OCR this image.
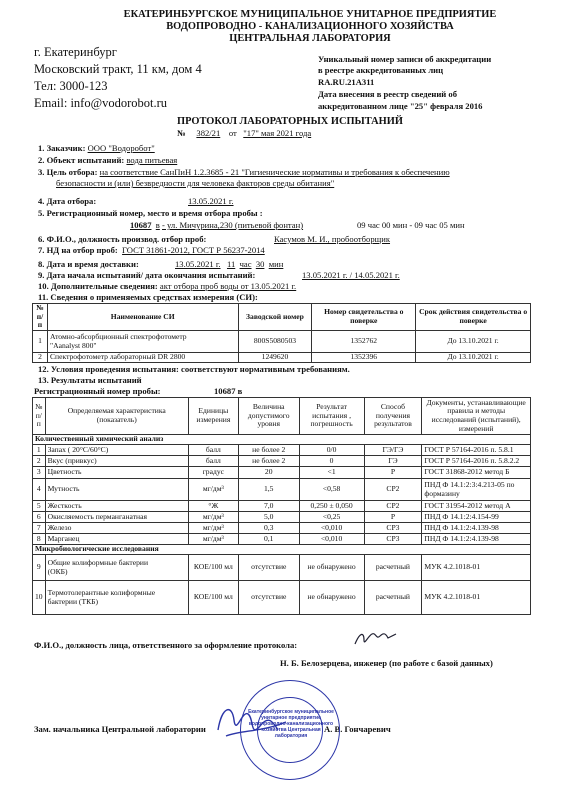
ЕКАТЕРИНБУРГСКОЕ МУНИЦИПАЛЬНОЕ УНИТАРНОЕ ПРЕДПРИЯТИЕ
ВОДОПРОВОДНО - КАНАЛИЗАЦИОННОГО ХОЗЯЙСТВА
ЦЕНТРАЛЬНАЯ ЛАБОРАТОРИЯ
г. Екатеринбург
Московский тракт, 11 км, дом 4
Тел: 3000-123
Email: info@vodorobot.ru
Уникальный номер записи об аккредитации
в реестре аккредитованных лиц
RA.RU.21A311
Дата внесения в реестр сведений об
аккредитованном лице "25" февраля 2016
ПРОТОКОЛ ЛАБОРАТОРНЫХ ИСПЫТАНИЙ
№ 382/21 от "17" мая 2021 года
1. Заказчик: ООО "Водоробот"
2. Объект испытаний: вода питьевая
3. Цель отбора: на соответствие СанПиН 1.2.3685 - 21 "Гигиенические нормативы и требования к обеспечению
безопасности и (или) безвредности для человека факторов среды обитания"
4. Дата отбора:	13.05.2021 г.
5. Регистрационный номер, место и время отбора пробы :
10687 в - ул. Мичурина,230 (питьевой фонтан)	09 час 00 мин - 09 час 05 мин
6. Ф.И.О., должность производ. отбор проб:	Касумов М. И., пробоотборщик
7. НД на отбор проб: ГОСТ 31861-2012, ГОСТ Р 56237-2014
8. Дата и время доставки:	13.05.2021 г. 11 час 30 мин
9. Дата начала испытаний/ дата окончания испытаний:	13.05.2021 г. / 14.05.2021 г.
10. Дополнительные сведения: акт отбора проб воды от 13.05.2021 г.
11. Сведения о применяемых средствах измерения (СИ):
№ п/п	Наименование СИ	Заводской номер	Номер свидетельства о поверке	Срок действия свидетельства о поверке
1	Атомно-абсорбционный спектрофотометр
"Aanalyst 800"	800S5080503	1352762	До 13.10.2021 г.
2	Спектрофотометр лабораторный DR 2800	1249620	1352396	До 13.10.2021 г.
12. Условия проведения испытания: соответствуют нормативным требованиям.
13. Результаты испытаний
Регистрационный номер пробы:	10687 в
№ п/п	Определяемая характеристика (показатель)	Единицы измерения	Величина допустимого уровня	Результат испытания , погрешность	Способ получения результатов	Документы, устанавливающие правила и методы исследований (испытаний), измерений
Количественный химический анализ						
1	Запах ( 20°С/60°С)	балл	не более 2	0/0	ГЭ/ГЭ	ГОСТ Р 57164-2016 п. 5.8.1
2	Вкус (привкус)	балл	не более 2	0	ГЭ	ГОСТ Р 57164-2016 п. 5.8.2.2
3	Цветность	градус	20	<1	Р	ГОСТ 31868-2012 метод Б
4	Мутность	мг/дм³	1,5	<0,58	СР2	ПНД Ф 14.1:2:3:4.213-05 по
формазину

5	Жесткость	°Ж	7,0	0,250 ± 0,050	СР2	ГОСТ 31954-2012 метод А
6	Окисляемость перманганатная	мг/дм³	5,0	<0,25	Р	ПНД Ф 14.1:2:4.154-99
7	Железо	мг/дм³	0,3	<0,010	СР3	ПНД Ф 14.1:2:4.139-98
8	Марганец	мг/дм³	0,1	<0,010	СР3	ПНД Ф 14.1:2:4.139-98
Микробиологические исследования						
9	Общие колиформные бактерии
(ОКБ)	КОЕ/100 мл	отсутствие	не обнаружено	расчетный	МУК 4.2.1018-01
10	Термотолерантные колиформные
бактерии (ТКБ)	КОЕ/100 мл	отсутствие	не обнаружено	расчетный	МУК 4.2.1018-01
Ф.И.О., должность лица, ответственного за оформление протокола:
Н. Б. Белозерцева, инженер (по работе с базой данных)
Зам. начальника Центральной лаборатории	А. В. Гончаревич
Екатеринбургское муниципальное унитарное предприятие водопроводно-канализационного хозяйства Центральная лаборатория
